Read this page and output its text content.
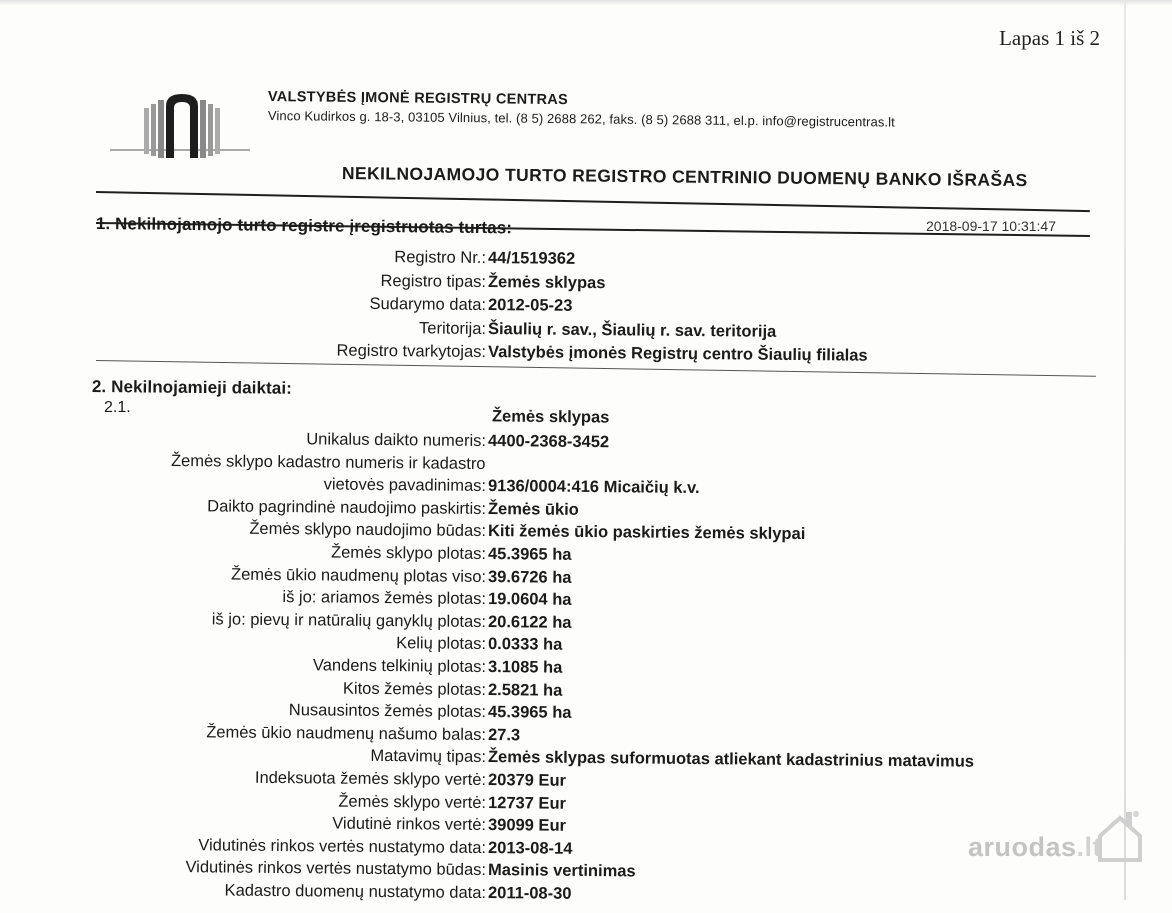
Lapas 1 iš 2
VALSTYBĖS ĮMONĖ REGISTRŲ CENTRAS
Vinco Kudirkos g. 18-3, 03105 Vilnius, tel. (8 5) 2688 262, faks. (8 5) 2688 311, el.p. info@registrucentras.lt
NEKILNOJAMOJO TURTO REGISTRO CENTRINIO DUOMENŲ BANKO IŠRAŠAS
2018-09-17 10:31:47
1. Nekilnojamojo turto registre įregistruotas turtas:
Registro Nr.: 44/1519362
Registro tipas: Žemės sklypas
Sudarymo data: 2012-05-23
Teritorija: Šiaulių r. sav., Šiaulių r. sav. teritorija
Registro tvarkytojas: Valstybės įmonės Registrų centro Šiaulių filialas
2. Nekilnojamieji daiktai:
2.1.	Žemės sklypas
Unikalus daikto numeris: 4400-2368-3452
Žemės sklypo kadastro numeris ir kadastro
vietovės pavadinimas: 9136/0004:416 Micaičių k.v.
Daikto pagrindinė naudojimo paskirtis: Žemės ūkio
Žemės sklypo naudojimo būdas: Kiti žemės ūkio paskirties žemės sklypai
Žemės sklypo plotas: 45.3965 ha
Žemės ūkio naudmenų plotas viso: 39.6726 ha
iš jo: ariamos žemės plotas: 19.0604 ha
iš jo: pievų ir natūralių ganyklų plotas: 20.6122 ha
Kelių plotas: 0.0333 ha
Vandens telkinių plotas: 3.1085 ha
Kitos žemės plotas: 2.5821 ha
Nusausintos žemės plotas: 45.3965 ha
Žemės ūkio naudmenų našumo balas: 27.3
Matavimų tipas: Žemės sklypas suformuotas atliekant kadastrinius matavimus
Indeksuota žemės sklypo vertė: 20379 Eur
Žemės sklypo vertė: 12737 Eur
Vidutinė rinkos vertė: 39099 Eur
Vidutinės rinkos vertės nustatymo data: 2013-08-14
Vidutinės rinkos vertės nustatymo būdas: Masinis vertinimas
Kadastro duomenų nustatymo data: 2011-08-30
aruodas.lt
